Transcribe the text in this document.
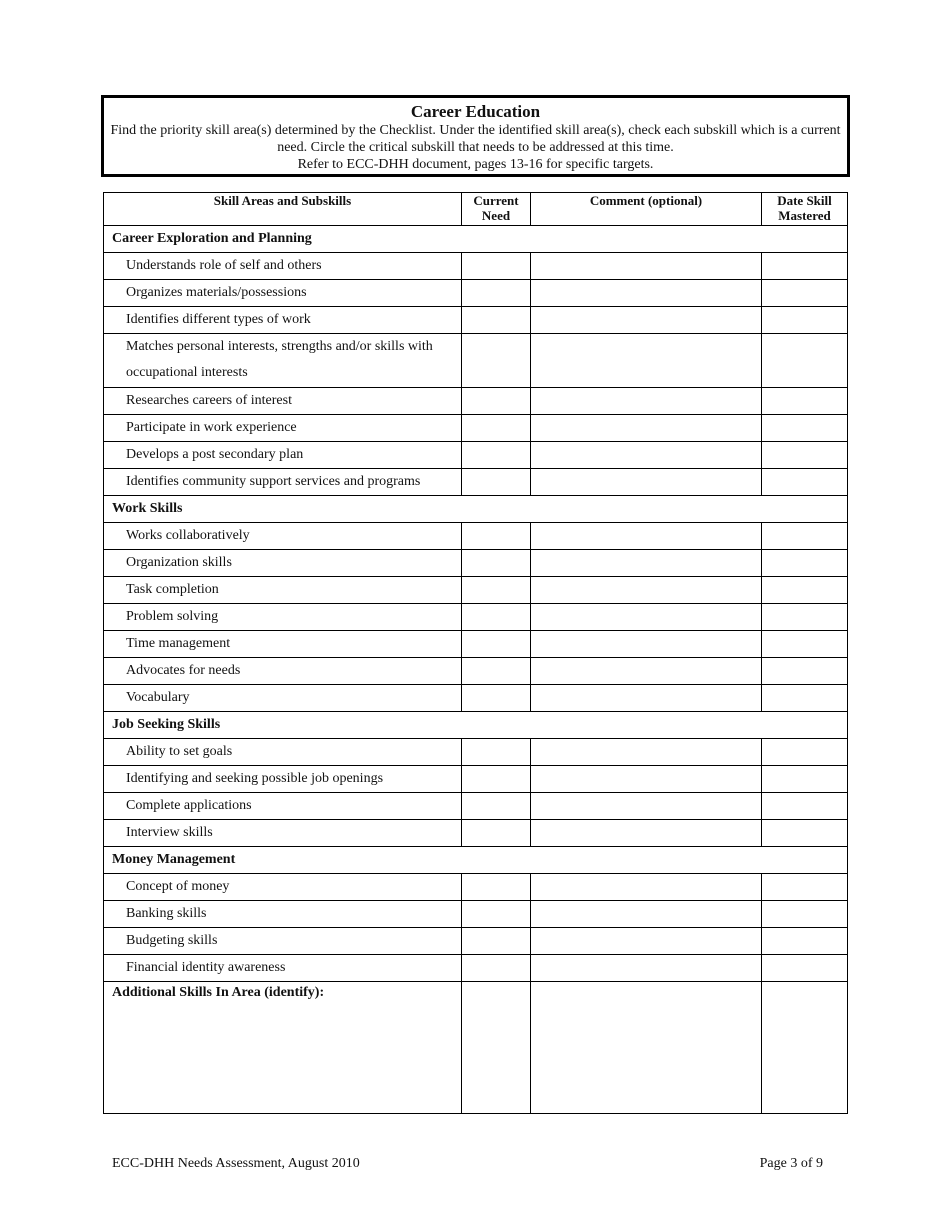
Career Education
Find the priority skill area(s) determined by the Checklist. Under the identified skill area(s), check each subskill which is a current need. Circle the critical subskill that needs to be addressed at this time.
Refer to ECC-DHH document, pages 13-16 for specific targets.
Skill Areas and Subskills	Current Need	Comment (optional)	Date Skill Mastered
Career Exploration and Planning			
Understands role of self and others			
Organizes materials/possessions			
Identifies different types of work			
Matches personal interests, strengths and/or skills with occupational interests			
Researches careers of interest			
Participate in work experience			
Develops a post secondary plan			
Identifies community support services and programs			
Work Skills			
Works collaboratively			
Organization skills			
Task completion			
Problem solving			
Time management			
Advocates for needs			
Vocabulary			
Job Seeking Skills			
Ability to set goals			
Identifying and seeking possible job openings			
Complete applications			
Interview skills			
Money Management			
Concept of money			
Banking skills			
Budgeting skills			
Financial identity awareness			
Additional Skills In Area (identify):			
ECC-DHH Needs Assessment, August 2010	Page 3 of 9
